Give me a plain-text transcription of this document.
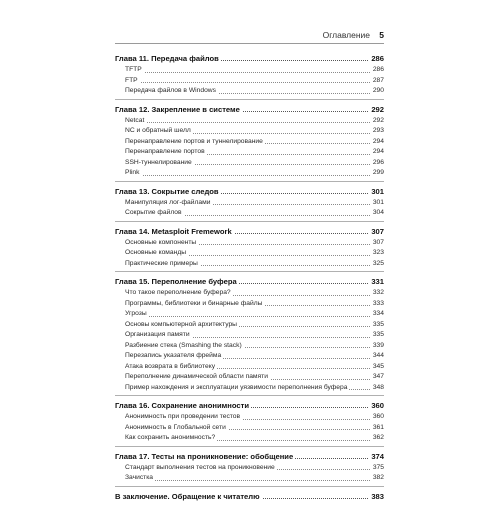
Оглавление 5
Глава 11. Передача файлов	286
TFTP	286
FTP	287
Передача файлов в Windows	290
Глава 12. Закрепление в системе	292
Netcat	292
NC и обратный шелл	293
Перенаправление портов и туннелирование	294
Перенаправление портов	294
SSH-туннелирование	296
Plink	299
Глава 13. Сокрытие следов	301
Манипуляция лог-файлами	301
Сокрытие файлов	304
Глава 14. Metasploit Fremework	307
Основные компоненты	307
Основные команды	323
Практические примеры	325
Глава 15. Переполнение буфера	331
Что такое переполнение буфера?	332
Программы, библиотеки и бинарные файлы	333
Угрозы	334
Основы компьютерной архитектуры	335
Организация памяти	335
Разбиение стека (Smashing the stack)	339
Перезапись указателя фрейма	344
Атака возврата в библиотеку	345
Переполнение динамической области памяти	347
Пример нахождения и эксплуатации уязвимости переполнения буфера	348
Глава 16. Сохранение анонимности	360
Анонимность при проведении тестов	360
Анонимность в Глобальной сети	361
Как сохранить анонимность?	362
Глава 17. Тесты на проникновение: обобщение	374
Стандарт выполнения тестов на проникновение	375
Зачистка	382
В заключение. Обращение к читателю	383
